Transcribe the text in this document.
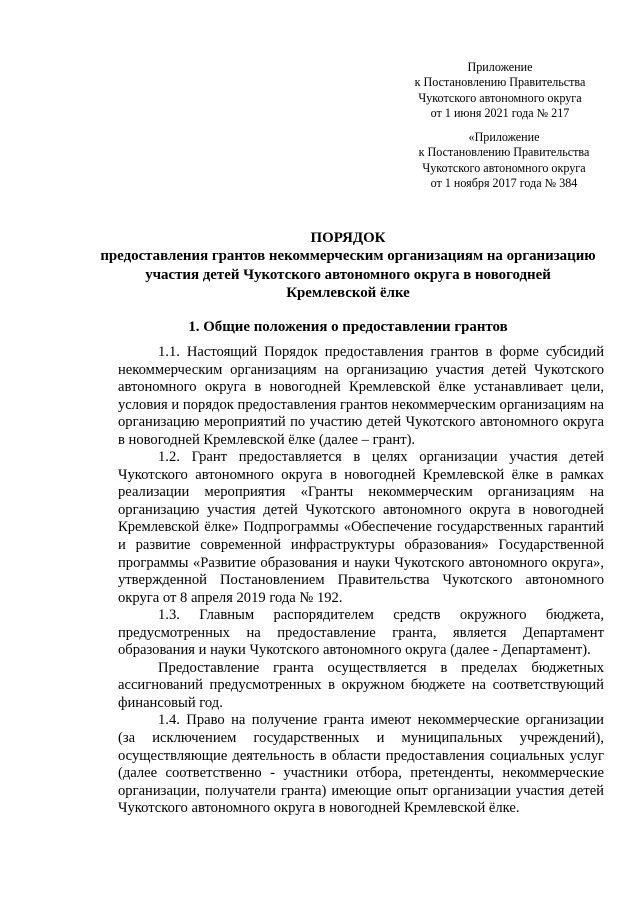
Приложение
к Постановлению Правительства
Чукотского автономного округа
от 1 июня 2021 года № 217
«Приложение
к Постановлению Правительства
Чукотского автономного округа
от 1 ноября 2017 года № 384
ПОРЯДОК
предоставления грантов некоммерческим организациям на организацию
участия детей Чукотского автономного округа в новогодней
Кремлевской ёлке
1. Общие положения о предоставлении грантов

1.1. Настоящий Порядок предоставления грантов в форме субсидий некоммерческим организациям на организацию участия детей Чукотского автономного округа в новогодней Кремлевской ёлке устанавливает цели, условия и порядок предоставления грантов некоммерческим организациям на организацию мероприятий по участию детей Чукотского автономного округа в новогодней Кремлевской ёлке (далее – грант).

1.2. Грант предоставляется в целях организации участия детей Чукотского автономного округа в новогодней Кремлевской ёлке в рамках реализации мероприятия «Гранты некоммерческим организациям на организацию участия детей Чукотского автономного округа в новогодней Кремлевской ёлке» Подпрограммы «Обеспечение государственных гарантий и развитие современной инфраструктуры образования» Государственной программы «Развитие образования и науки Чукотского автономного округа», утвержденной Постановлением Правительства Чукотского автономного округа от 8 апреля 2019 года № 192.

1.3. Главным распорядителем средств окружного бюджета, предусмотренных на предоставление гранта, является Департамент образования и науки Чукотского автономного округа (далее - Департамент).

Предоставление гранта осуществляется в пределах бюджетных ассигнований предусмотренных в окружном бюджете на соответствующий финансовый год.

1.4. Право на получение гранта имеют некоммерческие организации (за исключением государственных и муниципальных учреждений), осуществляющие деятельность в области предоставления социальных услуг (далее соответственно - участники отбора, претенденты, некоммерческие организации, получатели гранта) имеющие опыт организации участия детей Чукотского автономного округа в новогодней Кремлевской ёлке.
